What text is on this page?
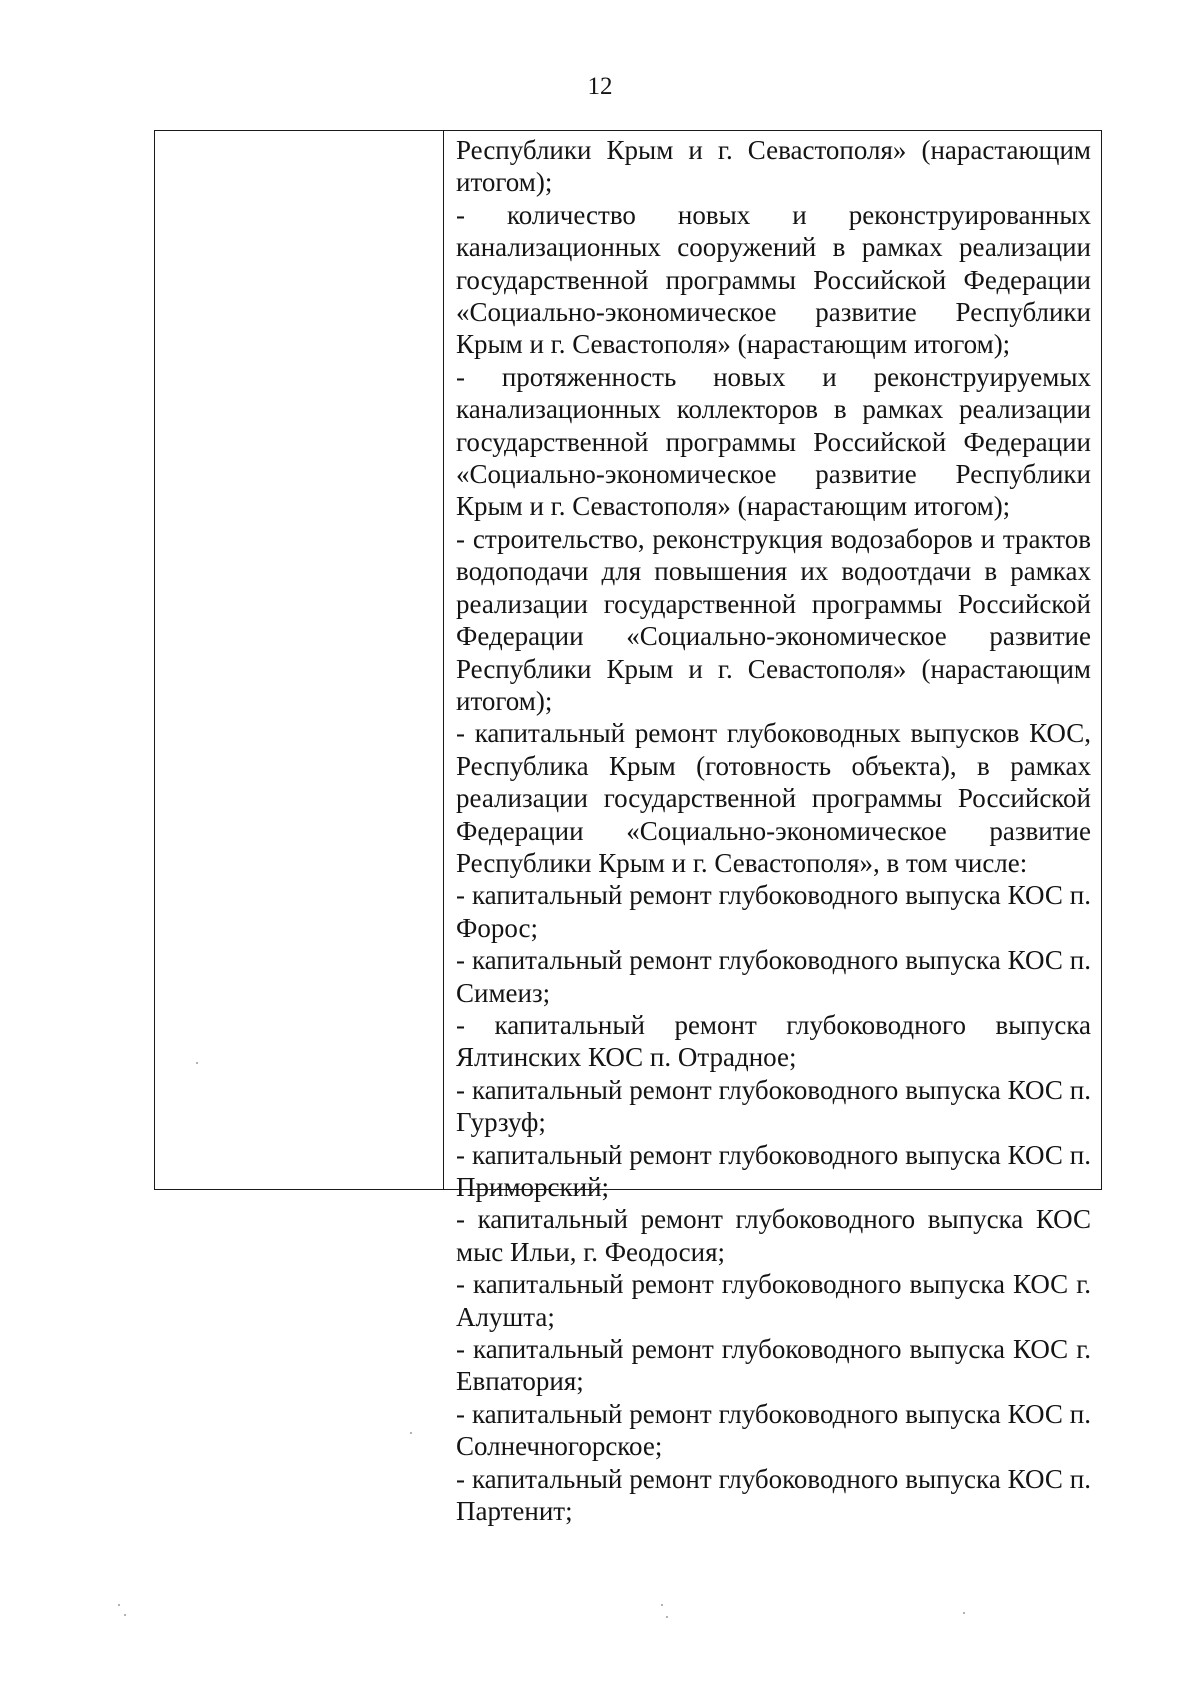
12

Республики Крым и г. Севастополя» (нарастающим итогом);

- количество новых и реконструированных канализационных сооружений в рамках реализации государственной программы Российской Федерации «Социально-экономическое развитие Республики Крым и г. Севастополя» (нарастающим итогом);

- протяженность новых и реконструируемых канализационных коллекторов в рамках реализации государственной программы Российской Федерации «Социально-экономическое развитие Республики Крым и г. Севастополя» (нарастающим итогом);

- строительство, реконструкция водозаборов и трактов водоподачи для повышения их водоотдачи в рамках реализации государственной программы Российской Федерации «Социально-экономическое развитие Республики Крым и г. Севастополя» (нарастающим итогом);

- капитальный ремонт глубоководных выпусков КОС, Республика Крым (готовность объекта), в рамках реализации государственной программы Российской Федерации «Социально-экономическое развитие Республики Крым и г. Севастополя», в том числе:

- капитальный ремонт глубоководного выпуска КОС п. Форос;

- капитальный ремонт глубоководного выпуска КОС п. Симеиз;

- капитальный ремонт глубоководного выпуска Ялтинских КОС п. Отрадное;

- капитальный ремонт глубоководного выпуска КОС п. Гурзуф;

- капитальный ремонт глубоководного выпуска КОС п. Приморский;

- капитальный ремонт глубоководного выпуска КОС мыс Ильи, г. Феодосия;

- капитальный ремонт глубоководного выпуска КОС г. Алушта;

- капитальный ремонт глубоководного выпуска КОС г. Евпатория;

- капитальный ремонт глубоководного выпуска КОС п. Солнечногорское;

- капитальный ремонт глубоководного выпуска КОС п. Партенит;
